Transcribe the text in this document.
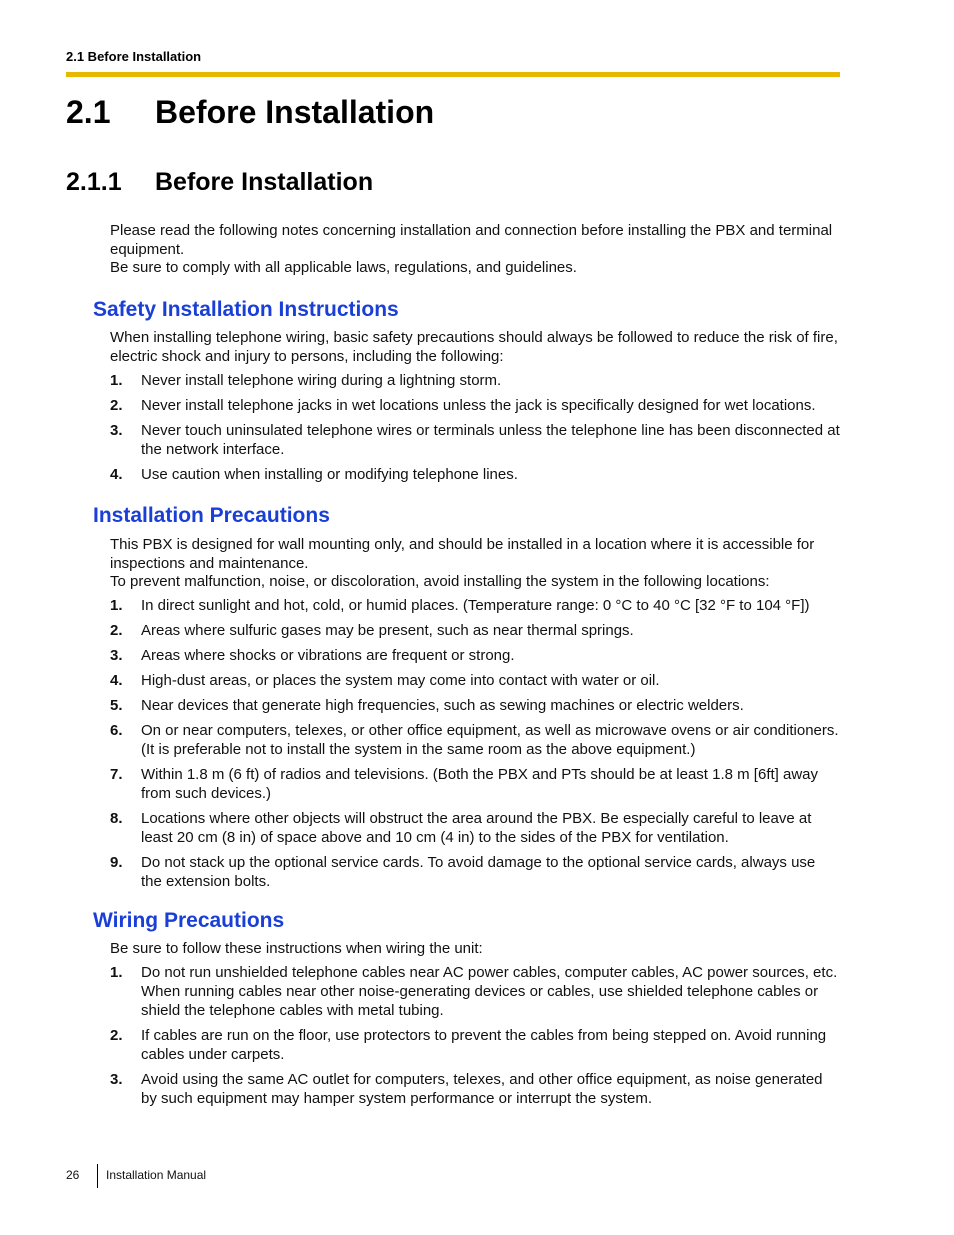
2.1 Before Installation
2.1 Before Installation
2.1.1 Before Installation
Please read the following notes concerning installation and connection before installing the PBX and terminal equipment.
Be sure to comply with all applicable laws, regulations, and guidelines.
Safety Installation Instructions
When installing telephone wiring, basic safety precautions should always be followed to reduce the risk of fire, electric shock and injury to persons, including the following:
1. Never install telephone wiring during a lightning storm.
2. Never install telephone jacks in wet locations unless the jack is specifically designed for wet locations.
3. Never touch uninsulated telephone wires or terminals unless the telephone line has been disconnected at the network interface.
4. Use caution when installing or modifying telephone lines.
Installation Precautions
This PBX is designed for wall mounting only, and should be installed in a location where it is accessible for inspections and maintenance.
To prevent malfunction, noise, or discoloration, avoid installing the system in the following locations:
1. In direct sunlight and hot, cold, or humid places. (Temperature range: 0 °C to 40 °C [32 °F to 104 °F])
2. Areas where sulfuric gases may be present, such as near thermal springs.
3. Areas where shocks or vibrations are frequent or strong.
4. High-dust areas, or places the system may come into contact with water or oil.
5. Near devices that generate high frequencies, such as sewing machines or electric welders.
6. On or near computers, telexes, or other office equipment, as well as microwave ovens or air conditioners. (It is preferable not to install the system in the same room as the above equipment.)
7. Within 1.8 m (6 ft) of radios and televisions. (Both the PBX and PTs should be at least 1.8 m [6ft] away from such devices.)
8. Locations where other objects will obstruct the area around the PBX. Be especially careful to leave at least 20 cm (8 in) of space above and 10 cm (4 in) to the sides of the PBX for ventilation.
9. Do not stack up the optional service cards. To avoid damage to the optional service cards, always use the extension bolts.
Wiring Precautions
Be sure to follow these instructions when wiring the unit:
1. Do not run unshielded telephone cables near AC power cables, computer cables, AC power sources, etc. When running cables near other noise-generating devices or cables, use shielded telephone cables or shield the telephone cables with metal tubing.
2. If cables are run on the floor, use protectors to prevent the cables from being stepped on. Avoid running cables under carpets.
3. Avoid using the same AC outlet for computers, telexes, and other office equipment, as noise generated by such equipment may hamper system performance or interrupt the system.
26 Installation Manual
